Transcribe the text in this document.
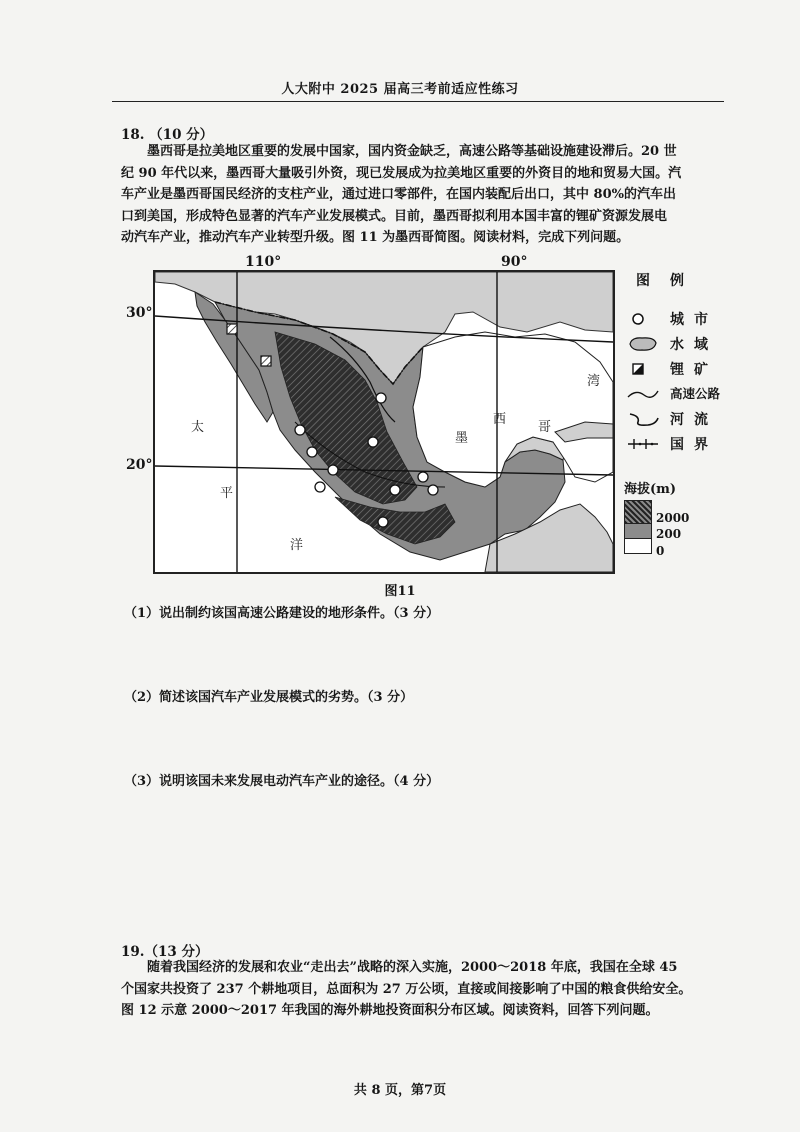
人大附中 2025 届高三考前适应性练习
18. （10 分）
墨西哥是拉美地区重要的发展中国家，国内资金缺乏，高速公路等基础设施建设滞后。20 世
纪 90 年代以来，墨西哥大量吸引外资，现已发展成为拉美地区重要的外资目的地和贸易大国。汽
车产业是墨西哥国民经济的支柱产业，通过进口零部件，在国内装配后出口，其中 80%的汽车出
口到美国，形成特色显著的汽车产业发展模式。目前，墨西哥拟利用本国丰富的锂矿资源发展电
动汽车产业，推动汽车产业转型升级。图 11 为墨西哥简图。阅读材料，完成下列问题。
110°	90°
30°
20°
太
平
洋
墨
西
哥
湾
图例
城市
水域
锂矿
高速公路
河流
国界
海拔(m)
2000
200
0
图11
（1）说出制约该国高速公路建设的地形条件。（3 分）
（2）简述该国汽车产业发展模式的劣势。（3 分）
（3）说明该国未来发展电动汽车产业的途径。（4 分）
19.（13 分）
随着我国经济的发展和农业“走出去”战略的深入实施，2000～2018 年底，我国在全球 45
个国家共投资了 237 个耕地项目，总面积为 27 万公顷，直接或间接影响了中国的粮食供给安全。
图 12 示意 2000～2017 年我国的海外耕地投资面积分布区域。阅读资料，回答下列问题。
共 8 页，第7页
